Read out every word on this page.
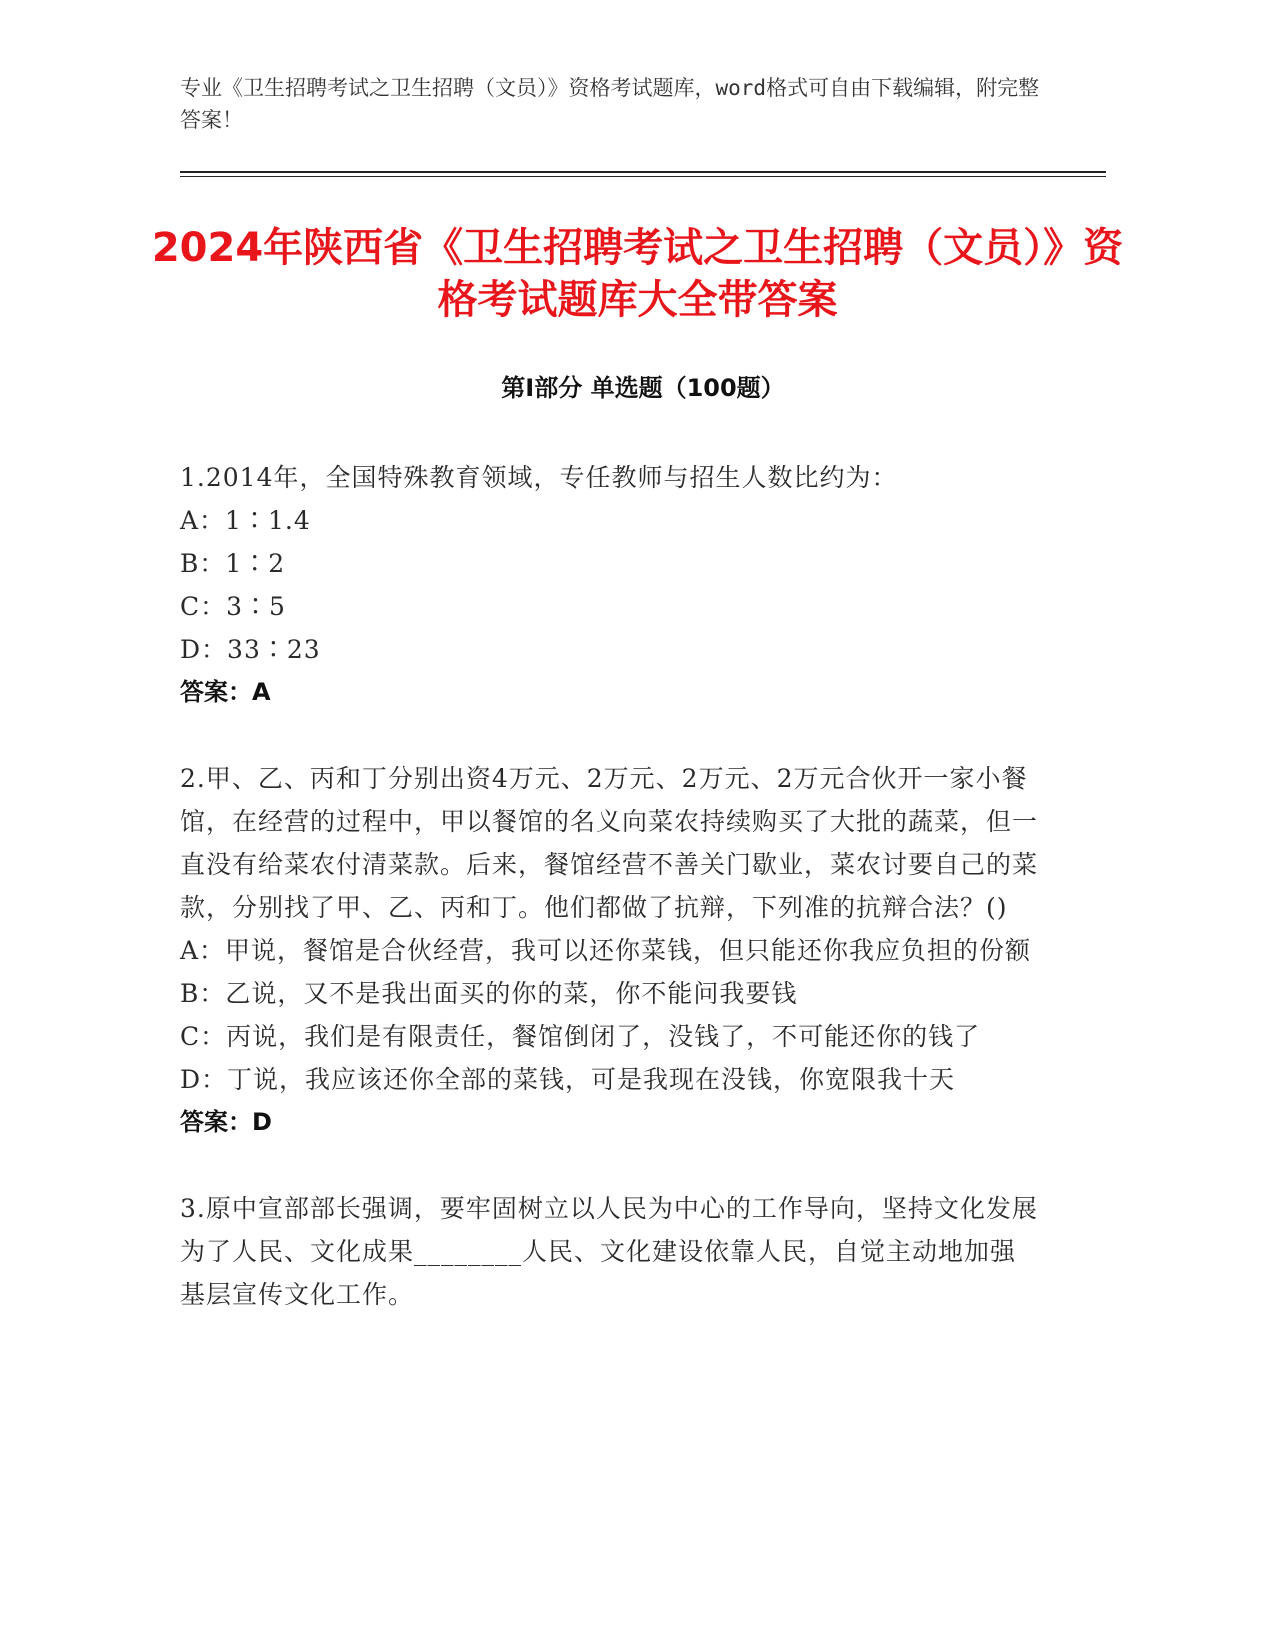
专业《卫生招聘考试之卫生招聘（文员）》资格考试题库，word格式可自由下载编辑，附完整答案！
2024年陕西省《卫生招聘考试之卫生招聘（文员）》资格考试题库大全带答案
第Ⅰ部分 单选题（100题）
1.2014年，全国特殊教育领域，专任教师与招生人数比约为：
A：1∶1.4
B：1∶2
C：3∶5
D：33∶23
答案：A
2.甲、乙、丙和丁分别出资4万元、2万元、2万元、2万元合伙开一家小餐馆，在经营的过程中，甲以餐馆的名义向菜农持续购买了大批的蔬菜，但一直没有给菜农付清菜款。后来，餐馆经营不善关门歇业，菜农讨要自己的菜款，分别找了甲、乙、丙和丁。他们都做了抗辩，下列准的抗辩合法？()
A：甲说，餐馆是合伙经营，我可以还你菜钱，但只能还你我应负担的份额
B：乙说，又不是我出面买的你的菜，你不能问我要钱
C：丙说，我们是有限责任，餐馆倒闭了，没钱了，不可能还你的钱了
D：丁说，我应该还你全部的菜钱，可是我现在没钱，你宽限我十天
答案：D
3.原中宣部部长强调，要牢固树立以人民为中心的工作导向，坚持文化发展为了人民、文化成果________人民、文化建设依靠人民，自觉主动地加强基层宣传文化工作。
